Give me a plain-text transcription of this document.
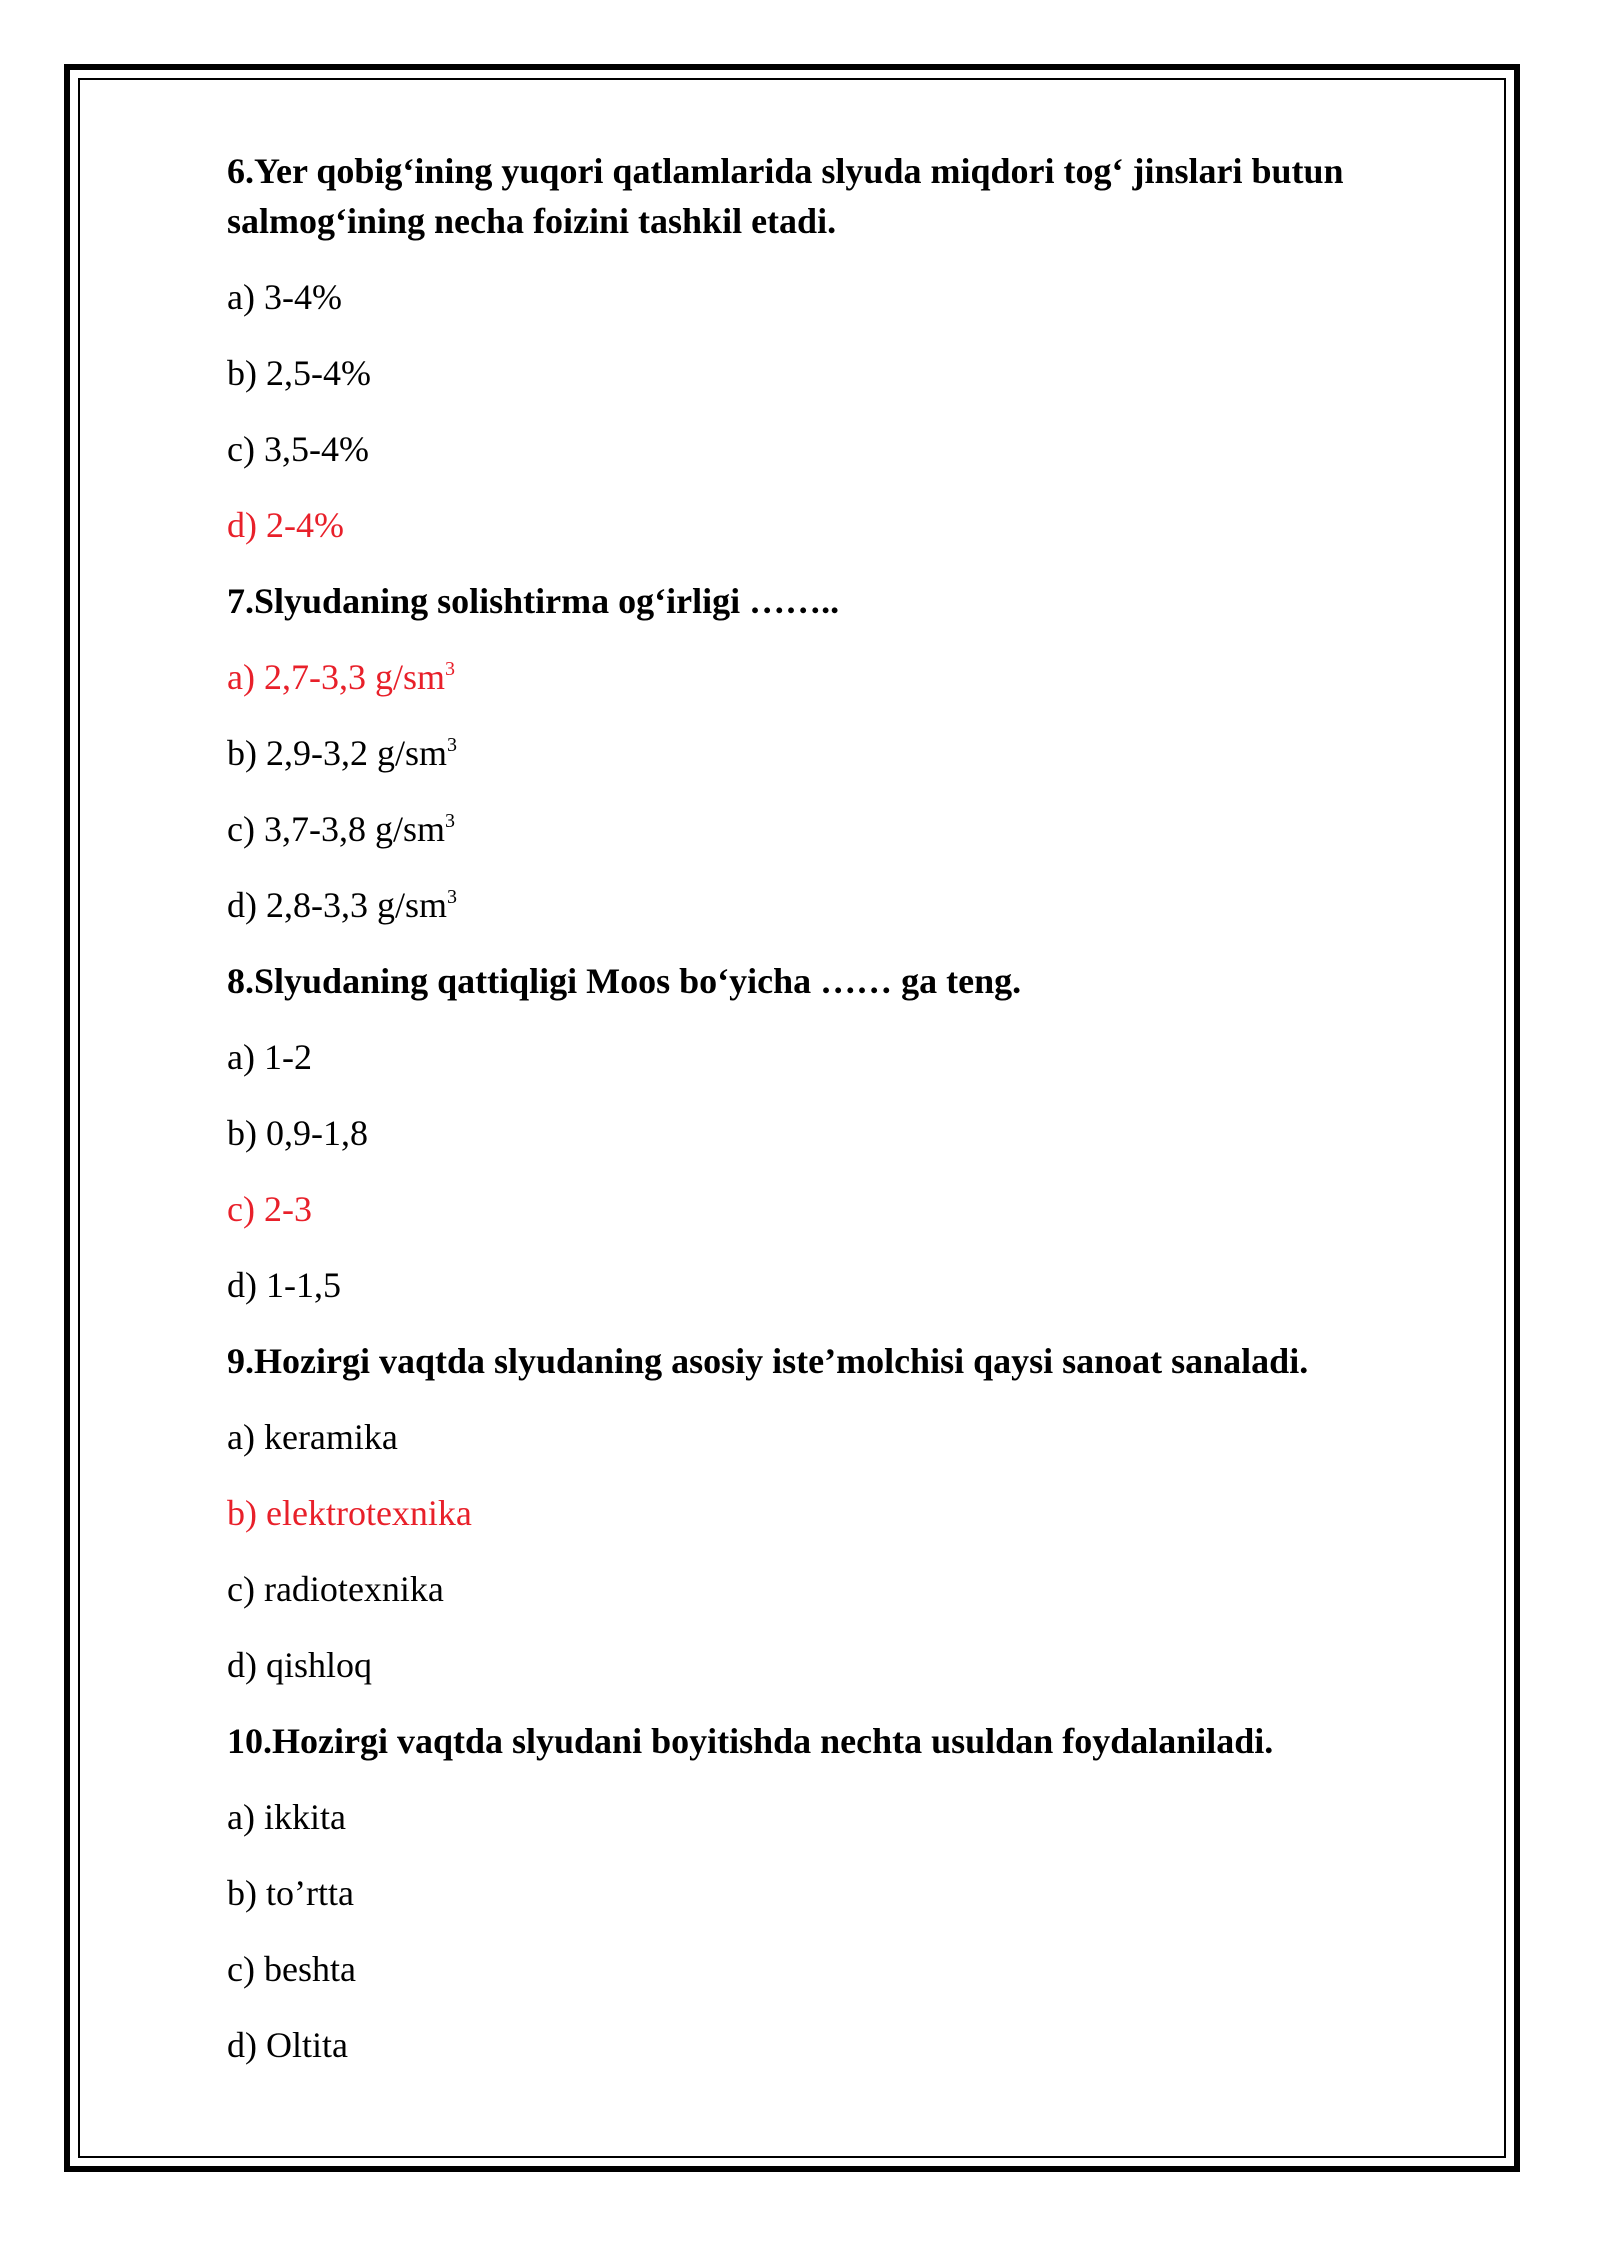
6.Yer qobig‘ining yuqori qatlamlarida slyuda miqdori tog‘ jinslari butun salmog‘ining necha foizini tashkil etadi.
a) 3-4%
b) 2,5-4%
c) 3,5-4%
d) 2-4%
7.Slyudaning solishtirma og‘irligi ……..
a) 2,7-3,3 $g/sm^3$
b) 2,9-3,2 $g/sm^3$
c) 3,7-3,8 $g/sm^3$
d) 2,8-3,3 $g/sm^3$
8.Slyudaning qattiqligi Moos bo‘yicha …… ga teng.
a) 1-2
b) 0,9-1,8
c) 2-3
d) 1-1,5
9.Hozirgi vaqtda slyudaning asosiy iste’molchisi qaysi sanoat sanaladi.
a) keramika
b) elektrotexnika
c) radiotexnika
d) qishloq
10.Hozirgi vaqtda slyudani boyitishda nechta usuldan foydalaniladi.
a) ikkita
b) to’rtta
c) beshta
d) Oltita
